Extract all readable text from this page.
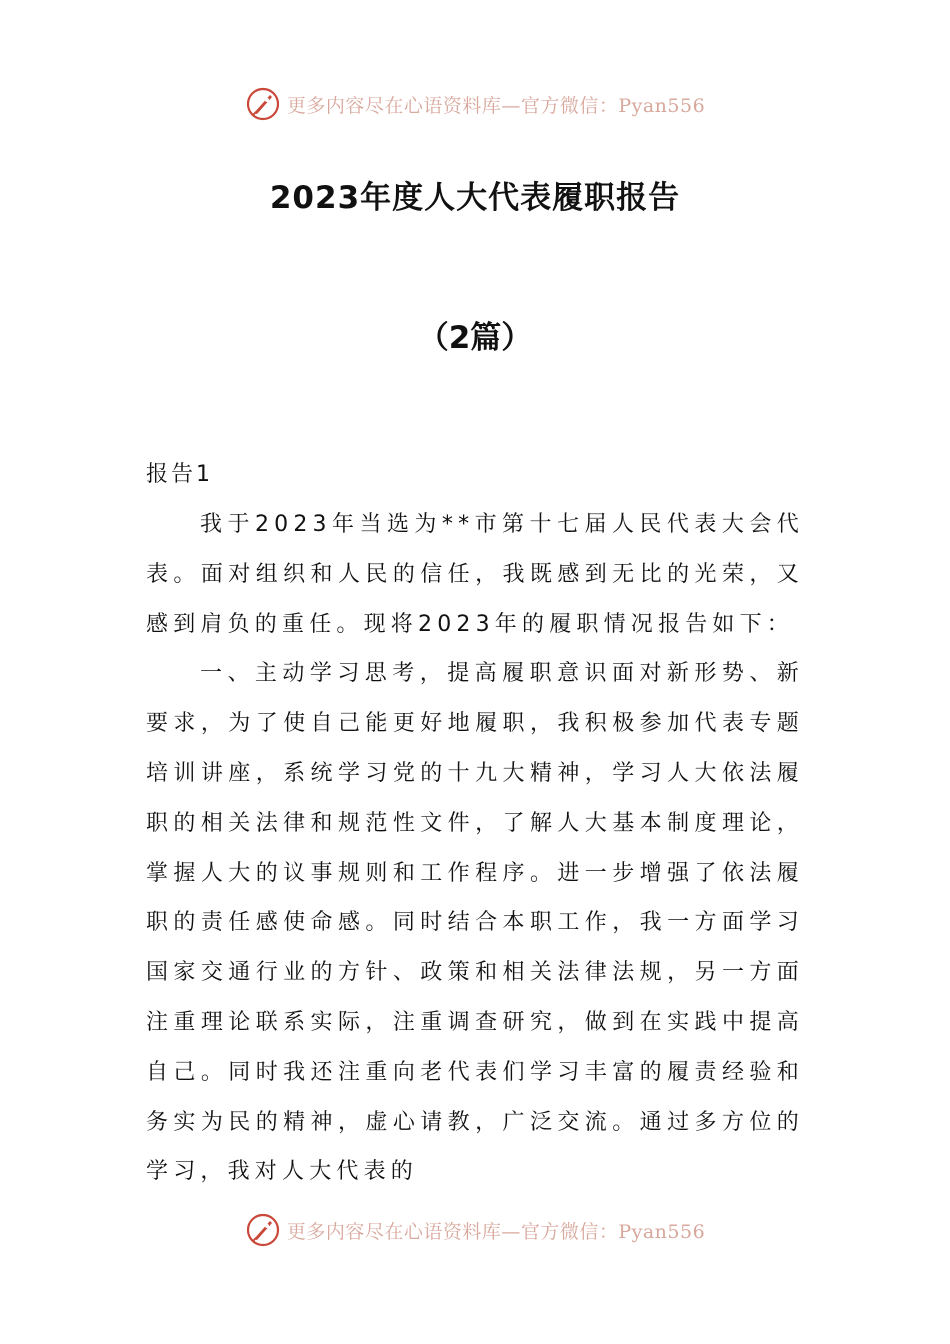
更多内容尽在心语资料库—官方微信：Pyan556
2023年度人大代表履职报告
（2篇）
报告1

我于2023年当选为**市第十七届人民代表大会代表。面对组织和人民的信任，我既感到无比的光荣，又感到肩负的重任。现将2023年的履职情况报告如下：

一、主动学习思考，提高履职意识面对新形势、新要求，为了使自己能更好地履职，我积极参加代表专题培训讲座，系统学习党的十九大精神，学习人大依法履职的相关法律和规范性文件，了解人大基本制度理论，掌握人大的议事规则和工作程序。进一步增强了依法履职的责任感使命感。同时结合本职工作，我一方面学习国家交通行业的方针、政策和相关法律法规，另一方面注重理论联系实际，注重调查研究，做到在实践中提高自己。同时我还注重向老代表们学习丰富的履责经验和务实为民的精神，虚心请教，广泛交流。通过多方位的学习，我对人大代表的

更多内容尽在心语资料库—官方微信：Pyan556
